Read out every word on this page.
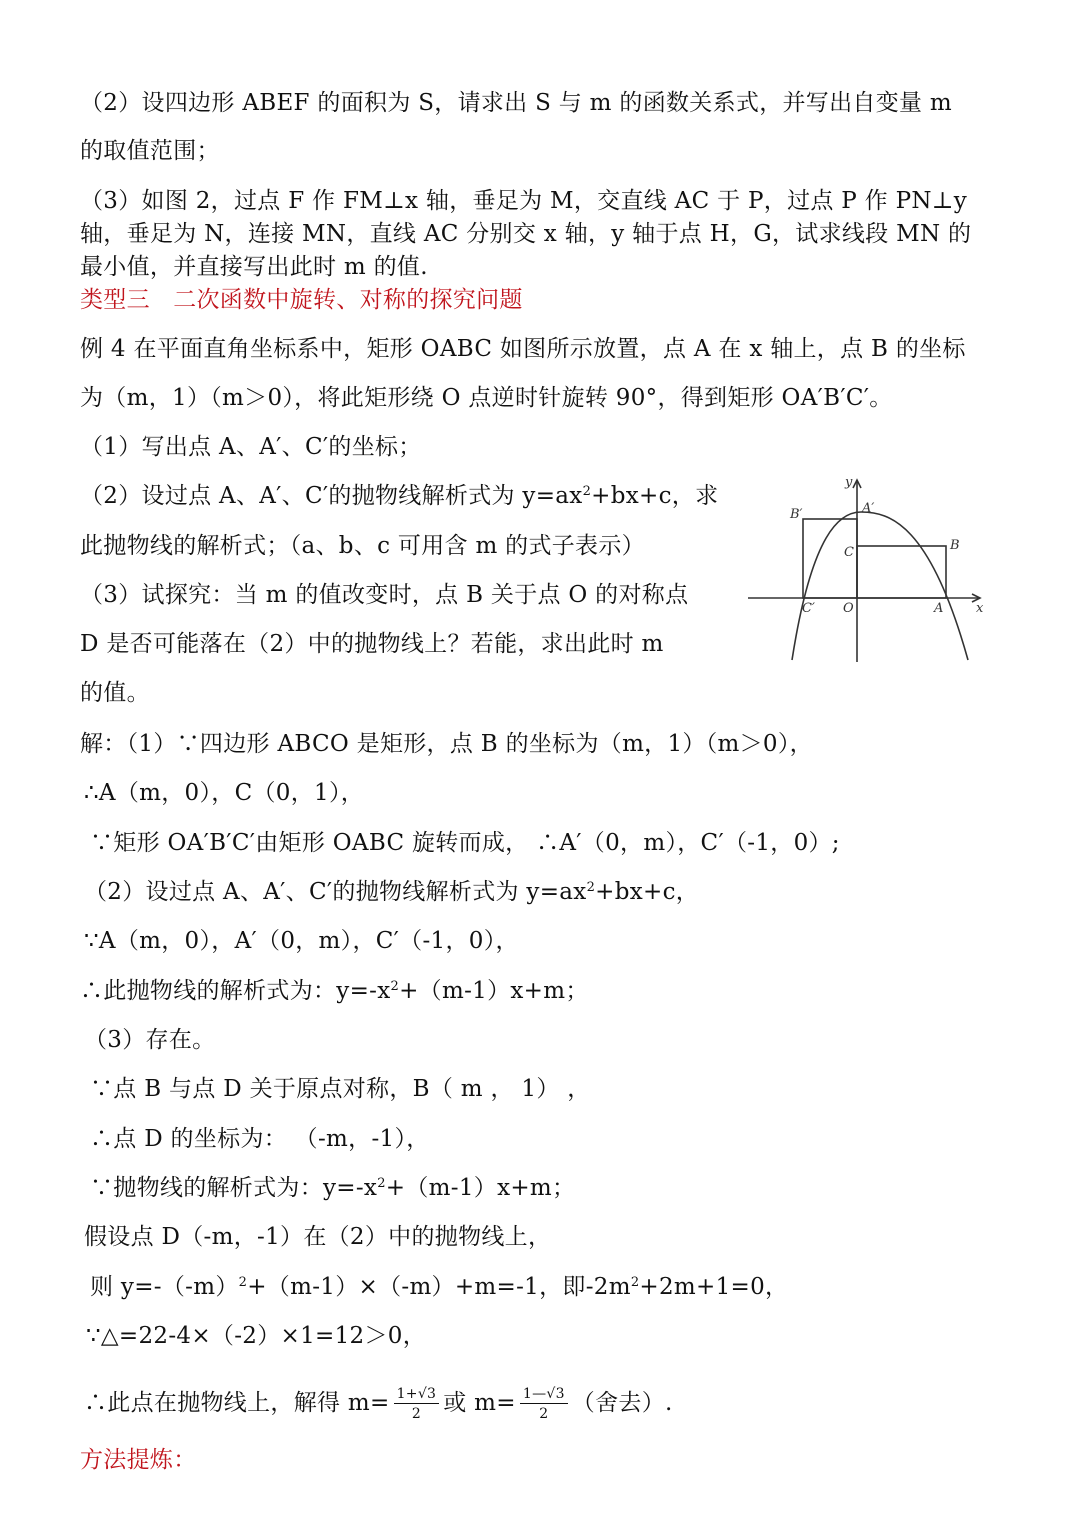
（2）设四边形 ABEF 的面积为 S，请求出 S 与 m 的函数关系式，并写出自变量 m
的取值范围；
（3）如图 2，过点 F 作 FM⊥x 轴，垂足为 M，交直线 AC 于 P，过点 P 作 PN⊥y
轴，垂足为 N，连接 MN，直线 AC 分别交 x 轴，y 轴于点 H，G，试求线段 MN 的
最小值，并直接写出此时 m 的值.
类型三　二次函数中旋转、对称的探究问题
例 4 在平面直角坐标系中，矩形 OABC 如图所示放置，点 A 在 x 轴上，点 B 的坐标
为（m，1）（m＞0），将此矩形绕 O 点逆时针旋转 90°，得到矩形 OA′B′C′。
（1）写出点 A、A′、C′的坐标；
（2）设过点 A、A′、C′的抛物线解析式为 $y=ax^2+bx+c$，求
此抛物线的解析式；（a、b、c 可用含 m 的式子表示）
（3）试探究：当 m 的值改变时，点 B 关于点 O 的对称点
D 是否可能落在（2）中的抛物线上？若能，求出此时 m
的值。
y
x
A′
B′
C	B
C′ O	A
解：（1）∵四边形 ABCO 是矩形，点 B 的坐标为（m，1）（m＞0），
∴A（m，0），C（0，1），
∵矩形 OA′B′C′由矩形 OABC 旋转而成， ∴A′（0，m），C′（-1，0）;
（2）设过点 A、A′、C′的抛物线解析式为 $y=ax^2+bx+c$，
∵A（m，0），A′（0，m），C′（-1，0），
∴此抛物线的解析式为：$y=-x^2+(m-1)x+m$；
（3）存在。
∵点 B 与点 D 关于原点对称，B（ m ， 1） ，
∴点 D 的坐标为： （-m，-1），
∵抛物线的解析式为：$y=-x^2+(m-1)x+m$；
假设点 D（-m，-1）在（2）中的抛物线上，
则 $y=-(-m)^2+(m-1)\times(-m)+m=-1$，即$-2m^2+2m+1=0$，
∵△=22-4×（-2）×1=12＞0，
∴此点在抛物线上，解得 $m= \frac{1+√3}{2}$ 或 $m= \frac{1—√3}{2}$ （舍去）.
方法提炼：
